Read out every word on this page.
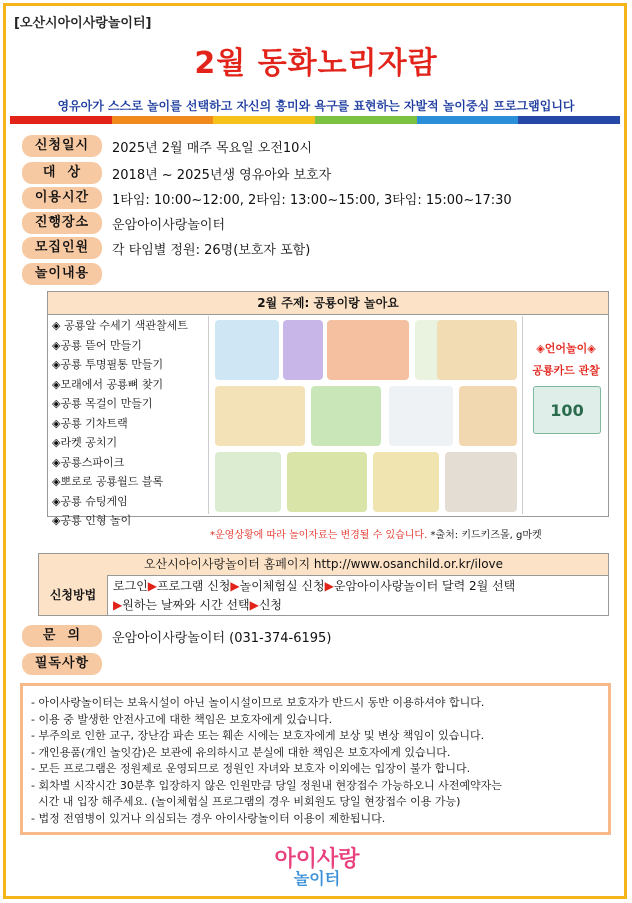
[오산시아이사랑놀이터]
2월 동화노리자람
영유아가 스스로 놀이를 선택하고 자신의 흥미와 욕구를 표현하는 자발적 놀이중심 프로그램입니다
신청일시	2025년 2월 매주 목요일 오전10시
대  상	2018년 ~ 2025년생 영유아와 보호자
이용시간	1타임: 10:00~12:00, 2타임: 13:00~15:00, 3타임: 15:00~17:30
진행장소	운암아이사랑놀이터
모집인원	각 타임별 정원: 26명(보호자 포함)
놀이내용
2월 주제: 공룡이랑 놀아요
◈ 공룡알 수세기 색관찰세트
◈공룡 뜯어 만들기
◈공룡 투명필통 만들기
◈모래에서 공룡뼈 찾기
◈공룡 목걸이 만들기
◈공룡 기차트랙
◈라켓 공치기
◈공룡스파이크
◈뽀로로 공룡월드 블록
◈공룡 슈팅게임
◈공룡 인형 놀이
◈언어놀이◈
공룡카드 관찰
100
*운영상황에 따라 놀이자료는 변경될 수 있습니다. *출처: 키드키즈몰, g마켓
오산시아이사랑놀이터 홈페이지 http://www.osanchild.or.kr/ilove
신청방법
로그인▶프로그램 신청▶놀이체험실 신청▶운암아이사랑놀이터 달력 2월 선택
▶원하는 날짜와 시간 선택▶신청
문  의	운암아이사랑놀이터 (031-374-6195)
필독사항
- 아이사랑놀이터는 보육시설이 아닌 놀이시설이므로 보호자가 반드시 동반 이용하셔야 합니다.
- 이용 중 발생한 안전사고에 대한 책임은 보호자에게 있습니다.
- 부주의로 인한 교구, 장난감 파손 또는 훼손 시에는 보호자에게 보상 및 변상 책임이 있습니다.
- 개인용품(개인 놀잇감)은 보관에 유의하시고 분실에 대한 책임은 보호자에게 있습니다.
- 모든 프로그램은 정원제로 운영되므로 정원인 자녀와 보호자 이외에는 입장이 불가 합니다.
- 회차별 시작시간 30분후 입장하지 않은 인원만큼 당일 정원내 현장접수 가능하오니 사전예약자는
시간 내 입장 해주세요. (놀이체험실 프로그램의 경우 비회원도 당일 현장접수 이용 가능)
- 법정 전염병이 있거나 의심되는 경우 아이사랑놀이터 이용이 제한됩니다.
아이사랑
놀이터
